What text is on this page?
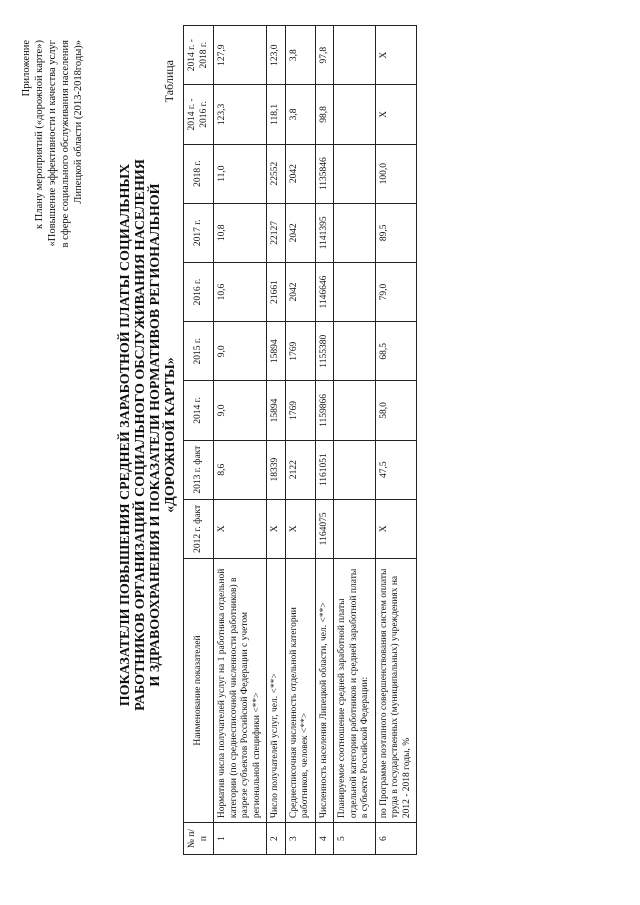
Приложение к Плану мероприятий («дорожной карте») «Повышение эффективности и качества услуг в сфере социального обслуживания населения Липецкой области (2013-2018годы)»
ПОКАЗАТЕЛИ ПОВЫШЕНИЯ СРЕДНЕЙ ЗАРАБОТНОЙ ПЛАТЫ СОЦИАЛЬНЫХ РАБОТНИКОВ ОРГАНИЗАЦИЙ СОЦИАЛЬНОГО ОБСЛУЖИВАНИЯ НАСЕЛЕНИЯ И ЗДРАВООХРАНЕНИЯ И ПОКАЗАТЕЛИ НОРМАТИВОВ РЕГИОНАЛЬНОЙ «ДОРОЖНОЙ КАРТЫ»
Таблица
№ п/п	Наименование показателей	2012 г. факт	2013 г. факт	2014 г.	2015 г.	2016 г.	2017 г.	2018 г.	2014 г. - 2016 г.	2014 г. - 2018 г.
1	Норматив числа получателей услуг на 1 работника отдельной категории (по среднесписочной численности работников) в разрезе субъектов Российской Федерации с учетом региональной специфики <**>	X	8,6	9,0	9,0	10,6	10,8	11,0	123,3	127,9
2	Число получателей услуг, чел. <**>	X	18339	15894	15894	21661	22127	22552	118,1	123,0
3	Среднесписочная численность отдельной категории работников, человек <**>	X	2122	1769	1769	2042	2042	2042	3,8	3,8
4	Численность населения Липецкой области, чел. <**>	1164075	1161051	1159866	1155380	1146646	1141395	1135846	98,8	97,8
5	Планируемое соотношение средней заработной платы отдельной категории работников и средней заработной платы в субъекте Российской Федерации:									
6	по Программе поэтапного совершенствования систем оплаты труда в государственных (муниципальных) учреждениях на 2012 - 2018 годы, %	X	47,5	58,0	68,5	79,0	89,5	100,0	X	X
